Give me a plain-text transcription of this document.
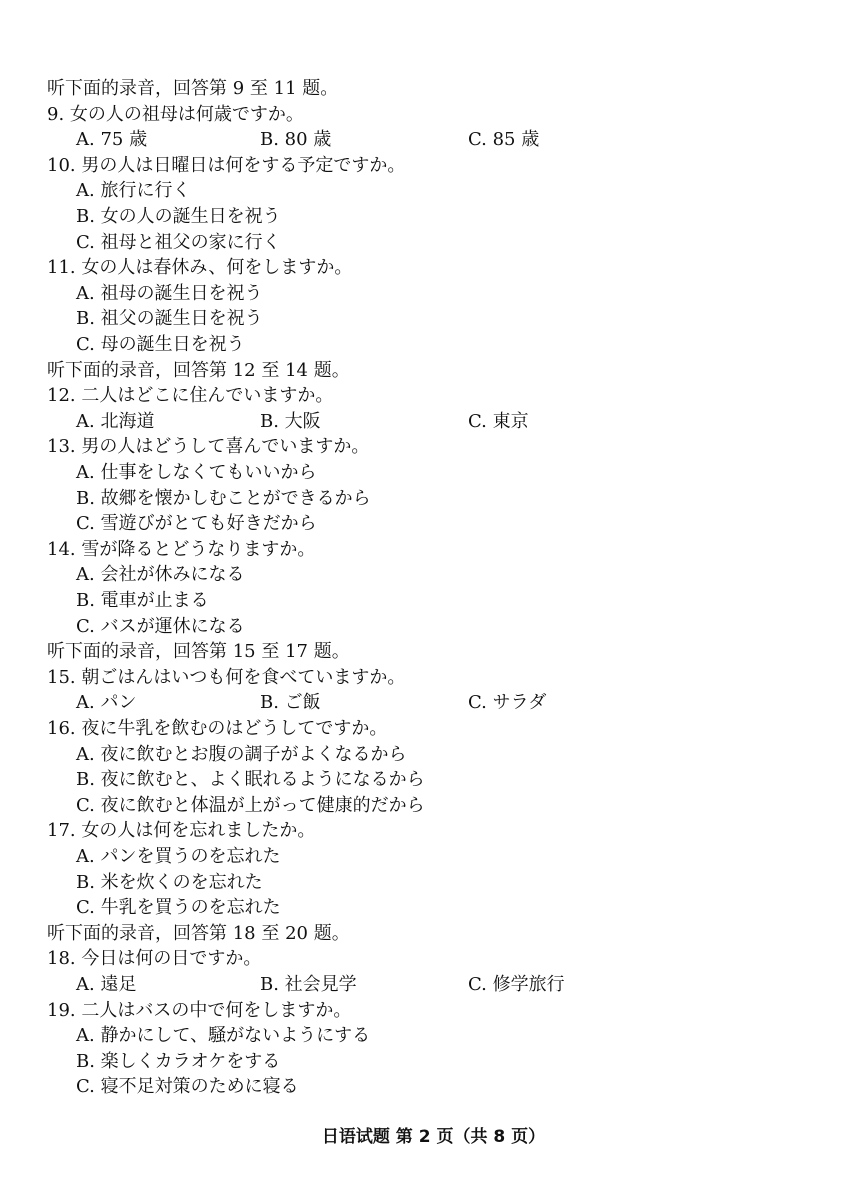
听下面的录音，回答第 9 至 11 题。
9. 女の人の祖母は何歳ですか。
A. 75 歳	B. 80 歳	C. 85 歳
10. 男の人は日曜日は何をする予定ですか。
A. 旅行に行く
B. 女の人の誕生日を祝う
C. 祖母と祖父の家に行く
11. 女の人は春休み、何をしますか。
A. 祖母の誕生日を祝う
B. 祖父の誕生日を祝う
C. 母の誕生日を祝う
听下面的录音，回答第 12 至 14 题。
12. 二人はどこに住んでいますか。
A. 北海道	B. 大阪	C. 東京
13. 男の人はどうして喜んでいますか。
A. 仕事をしなくてもいいから
B. 故郷を懐かしむことができるから
C. 雪遊びがとても好きだから
14. 雪が降るとどうなりますか。
A. 会社が休みになる
B. 電車が止まる
C. バスが運休になる
听下面的录音，回答第 15 至 17 题。
15. 朝ごはんはいつも何を食べていますか。
A. パン	B. ご飯	C. サラダ
16. 夜に牛乳を飲むのはどうしてですか。
A. 夜に飲むとお腹の調子がよくなるから
B. 夜に飲むと、よく眠れるようになるから
C. 夜に飲むと体温が上がって健康的だから
17. 女の人は何を忘れましたか。
A. パンを買うのを忘れた
B. 米を炊くのを忘れた
C. 牛乳を買うのを忘れた
听下面的录音，回答第 18 至 20 题。
18. 今日は何の日ですか。
A. 遠足	B. 社会見学	C. 修学旅行
19. 二人はバスの中で何をしますか。
A. 静かにして、騒がないようにする
B. 楽しくカラオケをする
C. 寝不足対策のために寝る
日语试题 第 2 页（共 8 页）
